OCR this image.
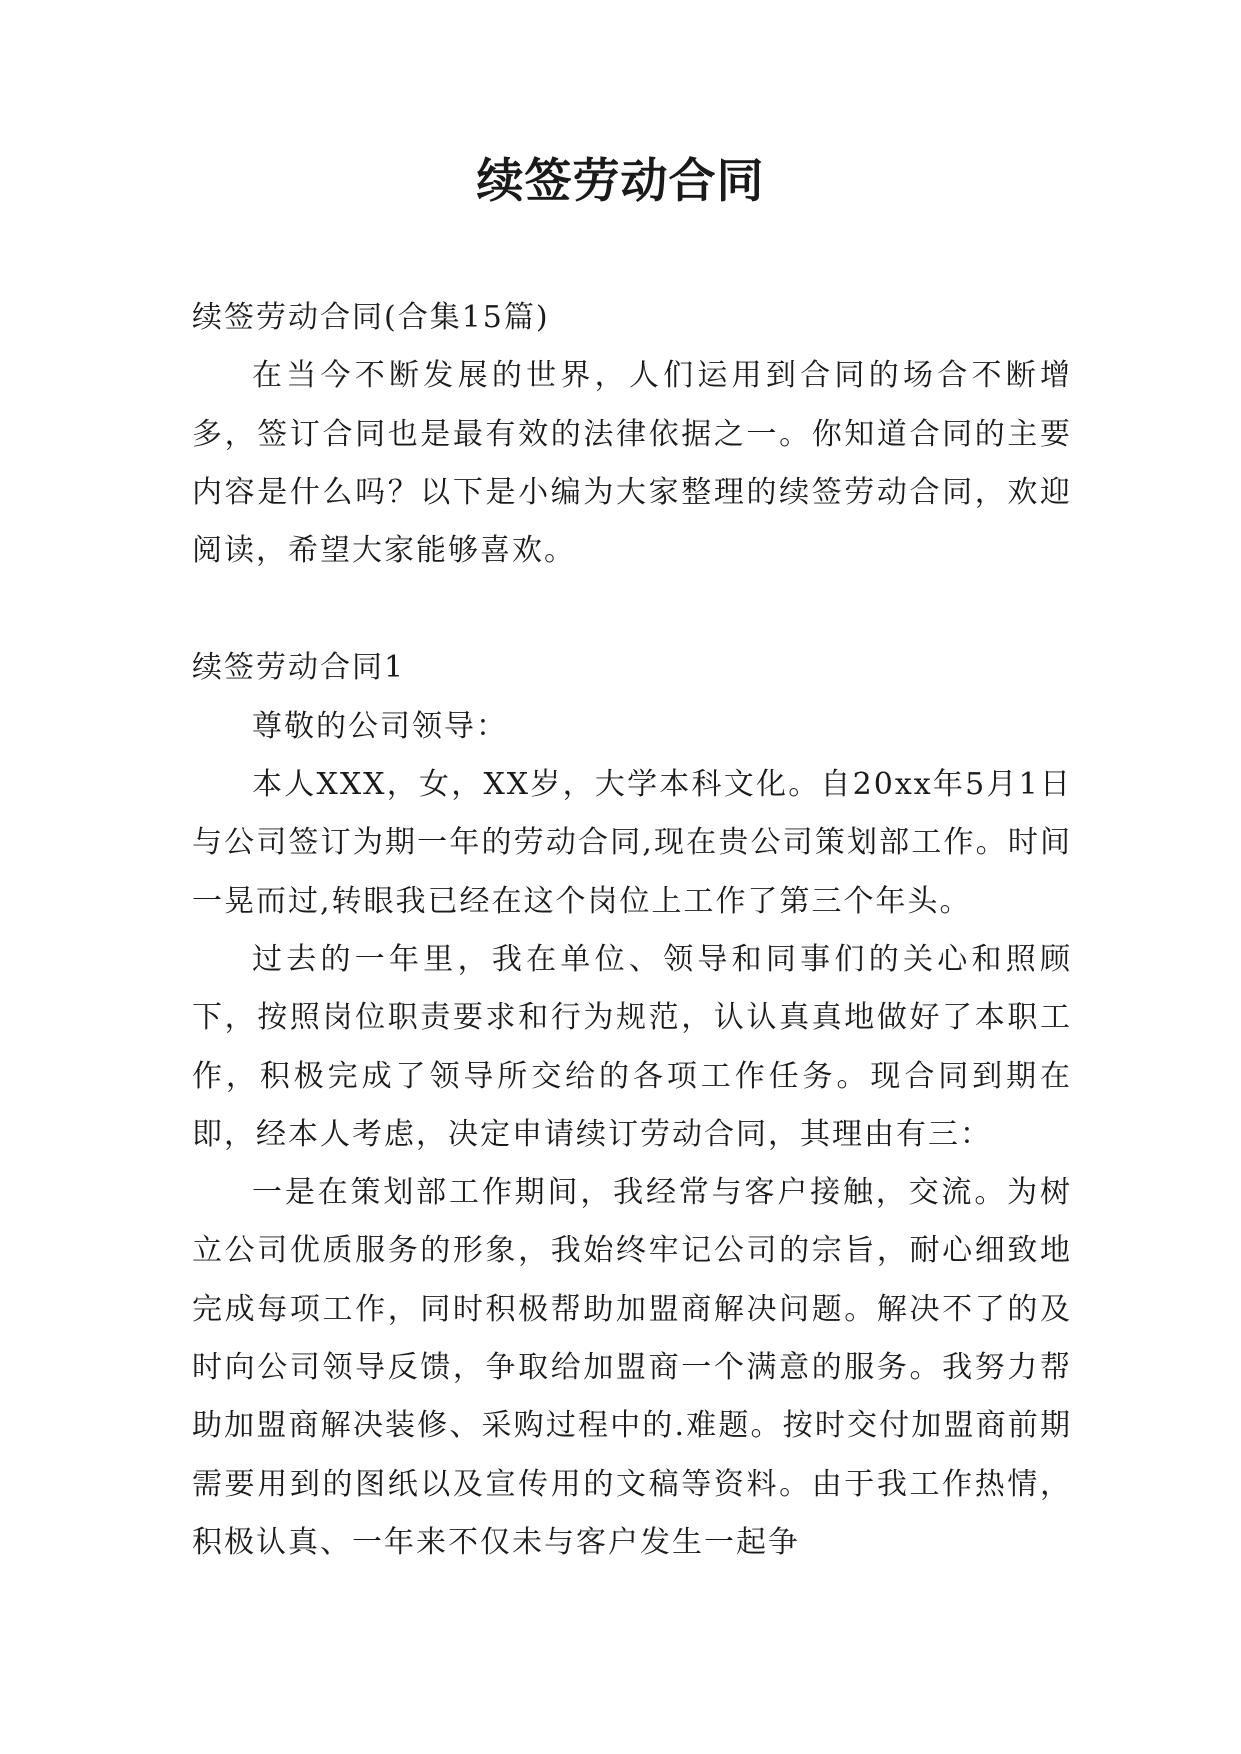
续签劳动合同

续签劳动合同(合集15篇)

在当今不断发展的世界，人们运用到合同的场合不断增多，签订合同也是最有效的法律依据之一。你知道合同的主要内容是什么吗？以下是小编为大家整理的续签劳动合同，欢迎阅读，希望大家能够喜欢。

续签劳动合同1

尊敬的公司领导：

本人XXX，女，XX岁，大学本科文化。自20xx年5月1日与公司签订为期一年的劳动合同,现在贵公司策划部工作。时间一晃而过,转眼我已经在这个岗位上工作了第三个年头。

过去的一年里，我在单位、领导和同事们的关心和照顾下，按照岗位职责要求和行为规范，认认真真地做好了本职工作，积极完成了领导所交给的各项工作任务。现合同到期在即，经本人考虑，决定申请续订劳动合同，其理由有三：

一是在策划部工作期间，我经常与客户接触，交流。为树立公司优质服务的形象，我始终牢记公司的宗旨，耐心细致地完成每项工作，同时积极帮助加盟商解决问题。解决不了的及时向公司领导反馈，争取给加盟商一个满意的服务。我努力帮助加盟商解决装修、采购过程中的.难题。按时交付加盟商前期需要用到的图纸以及宣传用的文稿等资料。由于我工作热情，积极认真、一年来不仅未与客户发生一起争
